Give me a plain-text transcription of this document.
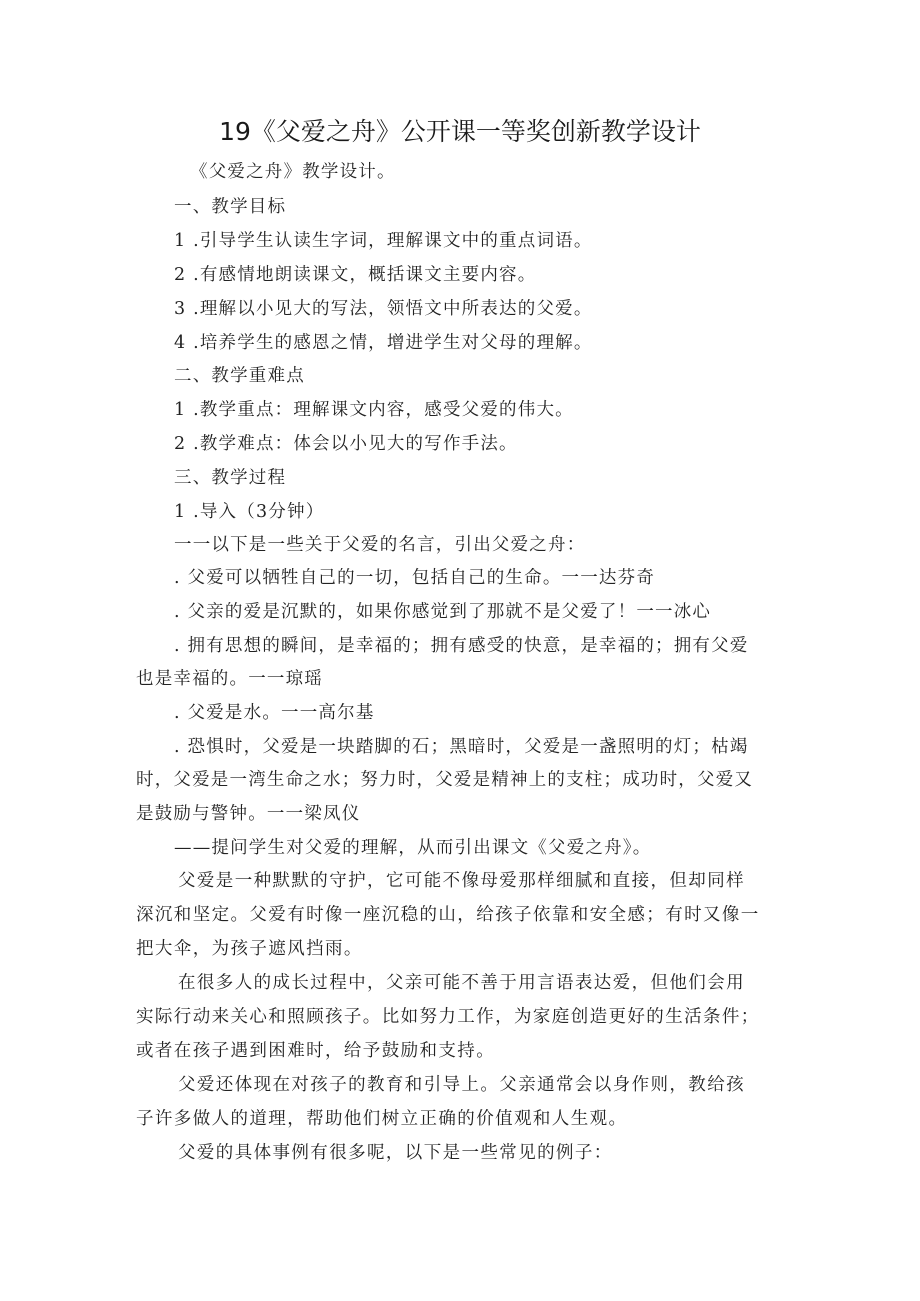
19《父爱之舟》公开课一等奖创新教学设计
《父爱之舟》教学设计。
一、教学目标
1 .引导学生认读生字词，理解课文中的重点词语。
2 .有感情地朗读课文，概括课文主要内容。
3 .理解以小见大的写法，领悟文中所表达的父爱。
4 .培养学生的感恩之情，增进学生对父母的理解。
二、教学重难点
1 .教学重点：理解课文内容，感受父爱的伟大。
2 .教学难点：体会以小见大的写作手法。
三、教学过程
1 .导入（3分钟）
一一以下是一些关于父爱的名言，引出父爱之舟：
. 父爱可以牺牲自己的一切，包括自己的生命。一一达芬奇
. 父亲的爱是沉默的，如果你感觉到了那就不是父爱了！一一冰心
. 拥有思想的瞬间，是幸福的；拥有感受的快意，是幸福的；拥有父爱
也是幸福的。一一琼瑶
. 父爱是水。一一高尔基
. 恐惧时，父爱是一块踏脚的石；黑暗时，父爱是一盏照明的灯；枯竭
时，父爱是一湾生命之水；努力时，父爱是精神上的支柱；成功时，父爱又
是鼓励与警钟。一一梁凤仪
——提问学生对父爱的理解，从而引出课文《父爱之舟》。
父爱是一种默默的守护，它可能不像母爱那样细腻和直接，但却同样
深沉和坚定。父爱有时像一座沉稳的山，给孩子依靠和安全感；有时又像一
把大伞，为孩子遮风挡雨。
在很多人的成长过程中，父亲可能不善于用言语表达爱，但他们会用
实际行动来关心和照顾孩子。比如努力工作，为家庭创造更好的生活条件；
或者在孩子遇到困难时，给予鼓励和支持。
父爱还体现在对孩子的教育和引导上。父亲通常会以身作则，教给孩
子许多做人的道理，帮助他们树立正确的价值观和人生观。
父爱的具体事例有很多呢，以下是一些常见的例子：
